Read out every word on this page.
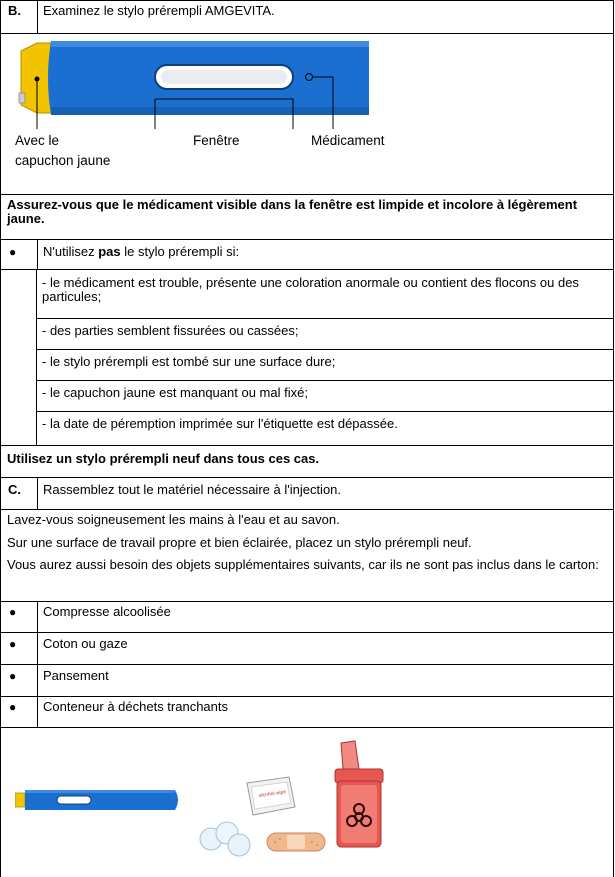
B.	Examinez le stylo prérempli AMGEVITA.
Avec le
capuchon jaune
Fenêtre	Médicament
Assurez-vous que le médicament visible dans la fenêtre est limpide et incolore à légèrement jaune.
●	N'utilisez pas le stylo prérempli si:
- le médicament est trouble, présente une coloration anormale ou contient des flocons ou des particules;
- des parties semblent fissurées ou cassées;
- le stylo prérempli est tombé sur une surface dure;
- le capuchon jaune est manquant ou mal fixé;
- la date de péremption imprimée sur l'étiquette est dépassée.
Utilisez un stylo prérempli neuf dans tous ces cas.
C.	Rassemblez tout le matériel nécessaire à l'injection.
Lavez-vous soigneusement les mains à l'eau et au savon.
Sur une surface de travail propre et bien éclairée, placez un stylo prérempli neuf.
Vous aurez aussi besoin des objets supplémentaires suivants, car ils ne sont pas inclus dans le carton:
●	Compresse alcoolisée
●	Coton ou gaze
●	Pansement
●	Conteneur à déchets tranchants
alcohol wipe
